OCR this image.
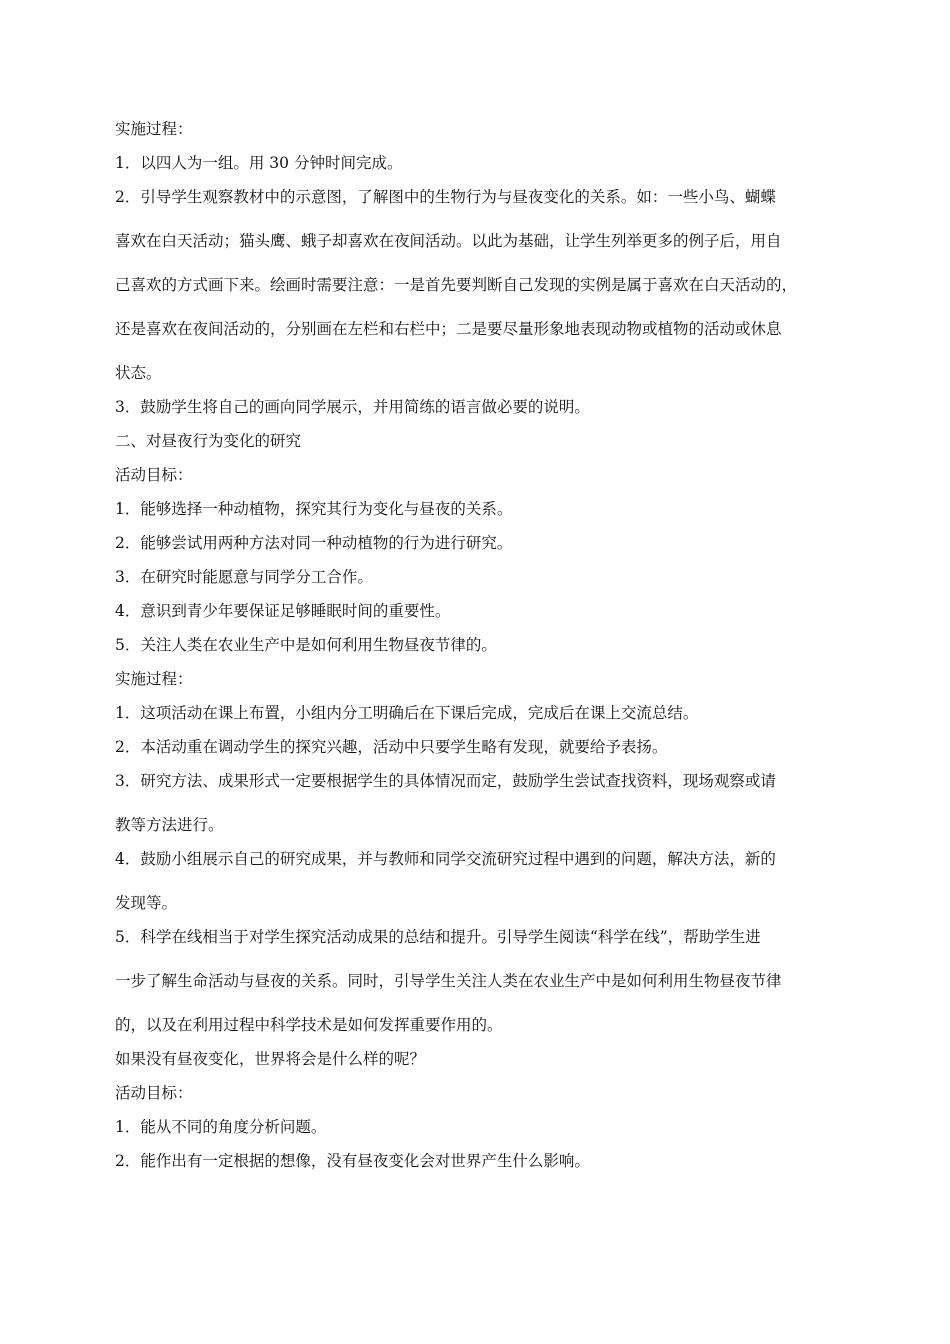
实施过程：

1．以四人为一组。用 30 分钟时间完成。

2．引导学生观察教材中的示意图，了解图中的生物行为与昼夜变化的关系。如：一些小鸟、蝴蝶

喜欢在白天活动；猫头鹰、蛾子却喜欢在夜间活动。以此为基础，让学生列举更多的例子后，用自

己喜欢的方式画下来。绘画时需要注意：一是首先要判断自己发现的实例是属于喜欢在白天活动的，

还是喜欢在夜间活动的，分别画在左栏和右栏中；二是要尽量形象地表现动物或植物的活动或休息

状态。

3．鼓励学生将自己的画向同学展示，并用简练的语言做必要的说明。

二、对昼夜行为变化的研究

活动目标：

1．能够选择一种动植物，探究其行为变化与昼夜的关系。

2．能够尝试用两种方法对同一种动植物的行为进行研究。

3．在研究时能愿意与同学分工合作。

4．意识到青少年要保证足够睡眠时间的重要性。

5．关注人类在农业生产中是如何利用生物昼夜节律的。

实施过程：

1．这项活动在课上布置，小组内分工明确后在下课后完成，完成后在课上交流总结。

2．本活动重在调动学生的探究兴趣，活动中只要学生略有发现，就要给予表扬。

3．研究方法、成果形式一定要根据学生的具体情况而定，鼓励学生尝试查找资料，现场观察或请

教等方法进行。

4．鼓励小组展示自己的研究成果，并与教师和同学交流研究过程中遇到的问题，解决方法，新的

发现等。

5．科学在线相当于对学生探究活动成果的总结和提升。引导学生阅读“科学在线”，帮助学生进

一步了解生命活动与昼夜的关系。同时，引导学生关注人类在农业生产中是如何利用生物昼夜节律

的，以及在利用过程中科学技术是如何发挥重要作用的。

如果没有昼夜变化，世界将会是什么样的呢？

活动目标：

1．能从不同的角度分析问题。

2．能作出有一定根据的想像，没有昼夜变化会对世界产生什么影响。
